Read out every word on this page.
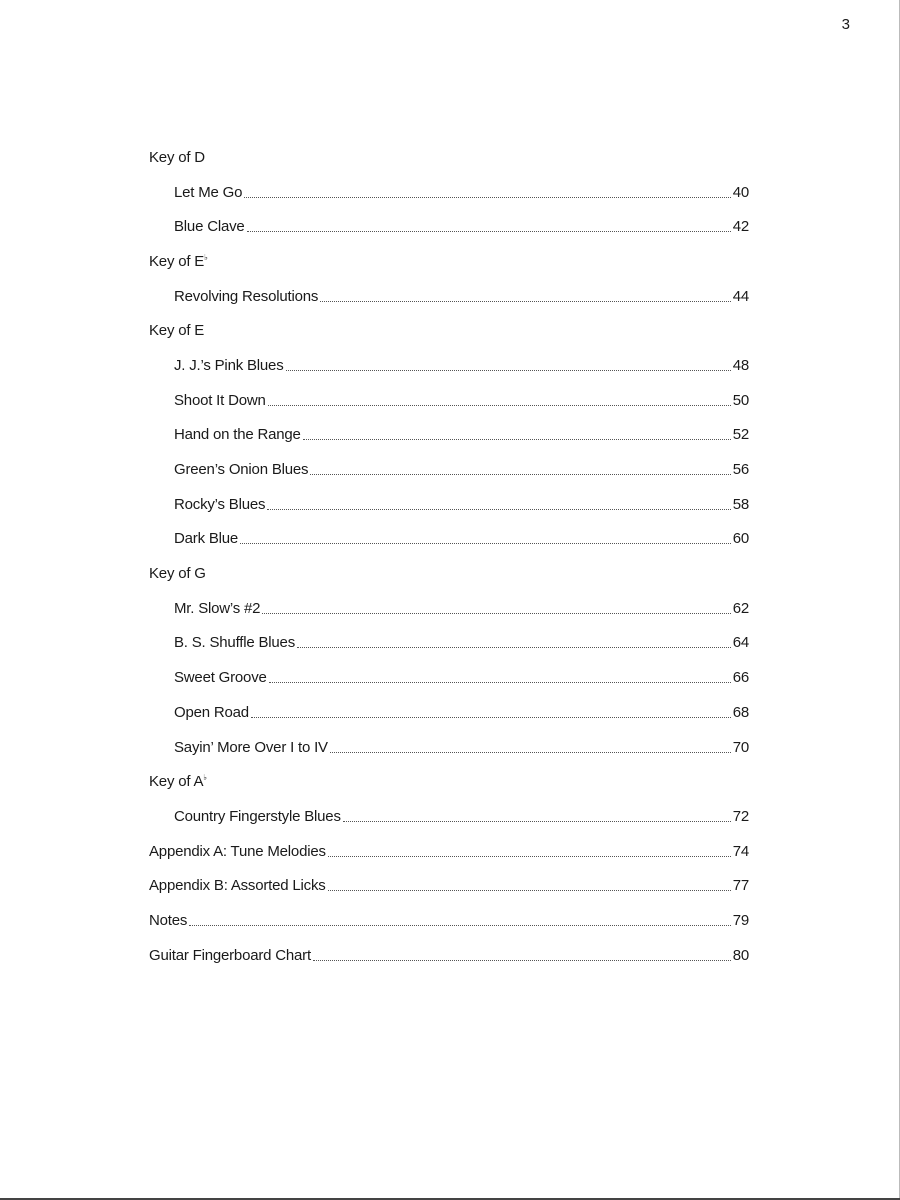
3
Key of D
Let Me Go	40
Blue Clave	42
Key of E♭
Revolving Resolutions	44
Key of E
J. J.’s Pink Blues	48
Shoot It Down	50
Hand on the Range	52
Green’s Onion Blues	56
Rocky’s Blues	58
Dark Blue	60
Key of G
Mr. Slow’s #2	62
B. S. Shuffle Blues	64
Sweet Groove	66
Open Road	68
Sayin’ More Over I to IV	70
Key of A♭
Country Fingerstyle Blues	72
Appendix A: Tune Melodies	74
Appendix B: Assorted Licks	77
Notes	79
Guitar Fingerboard Chart	80
